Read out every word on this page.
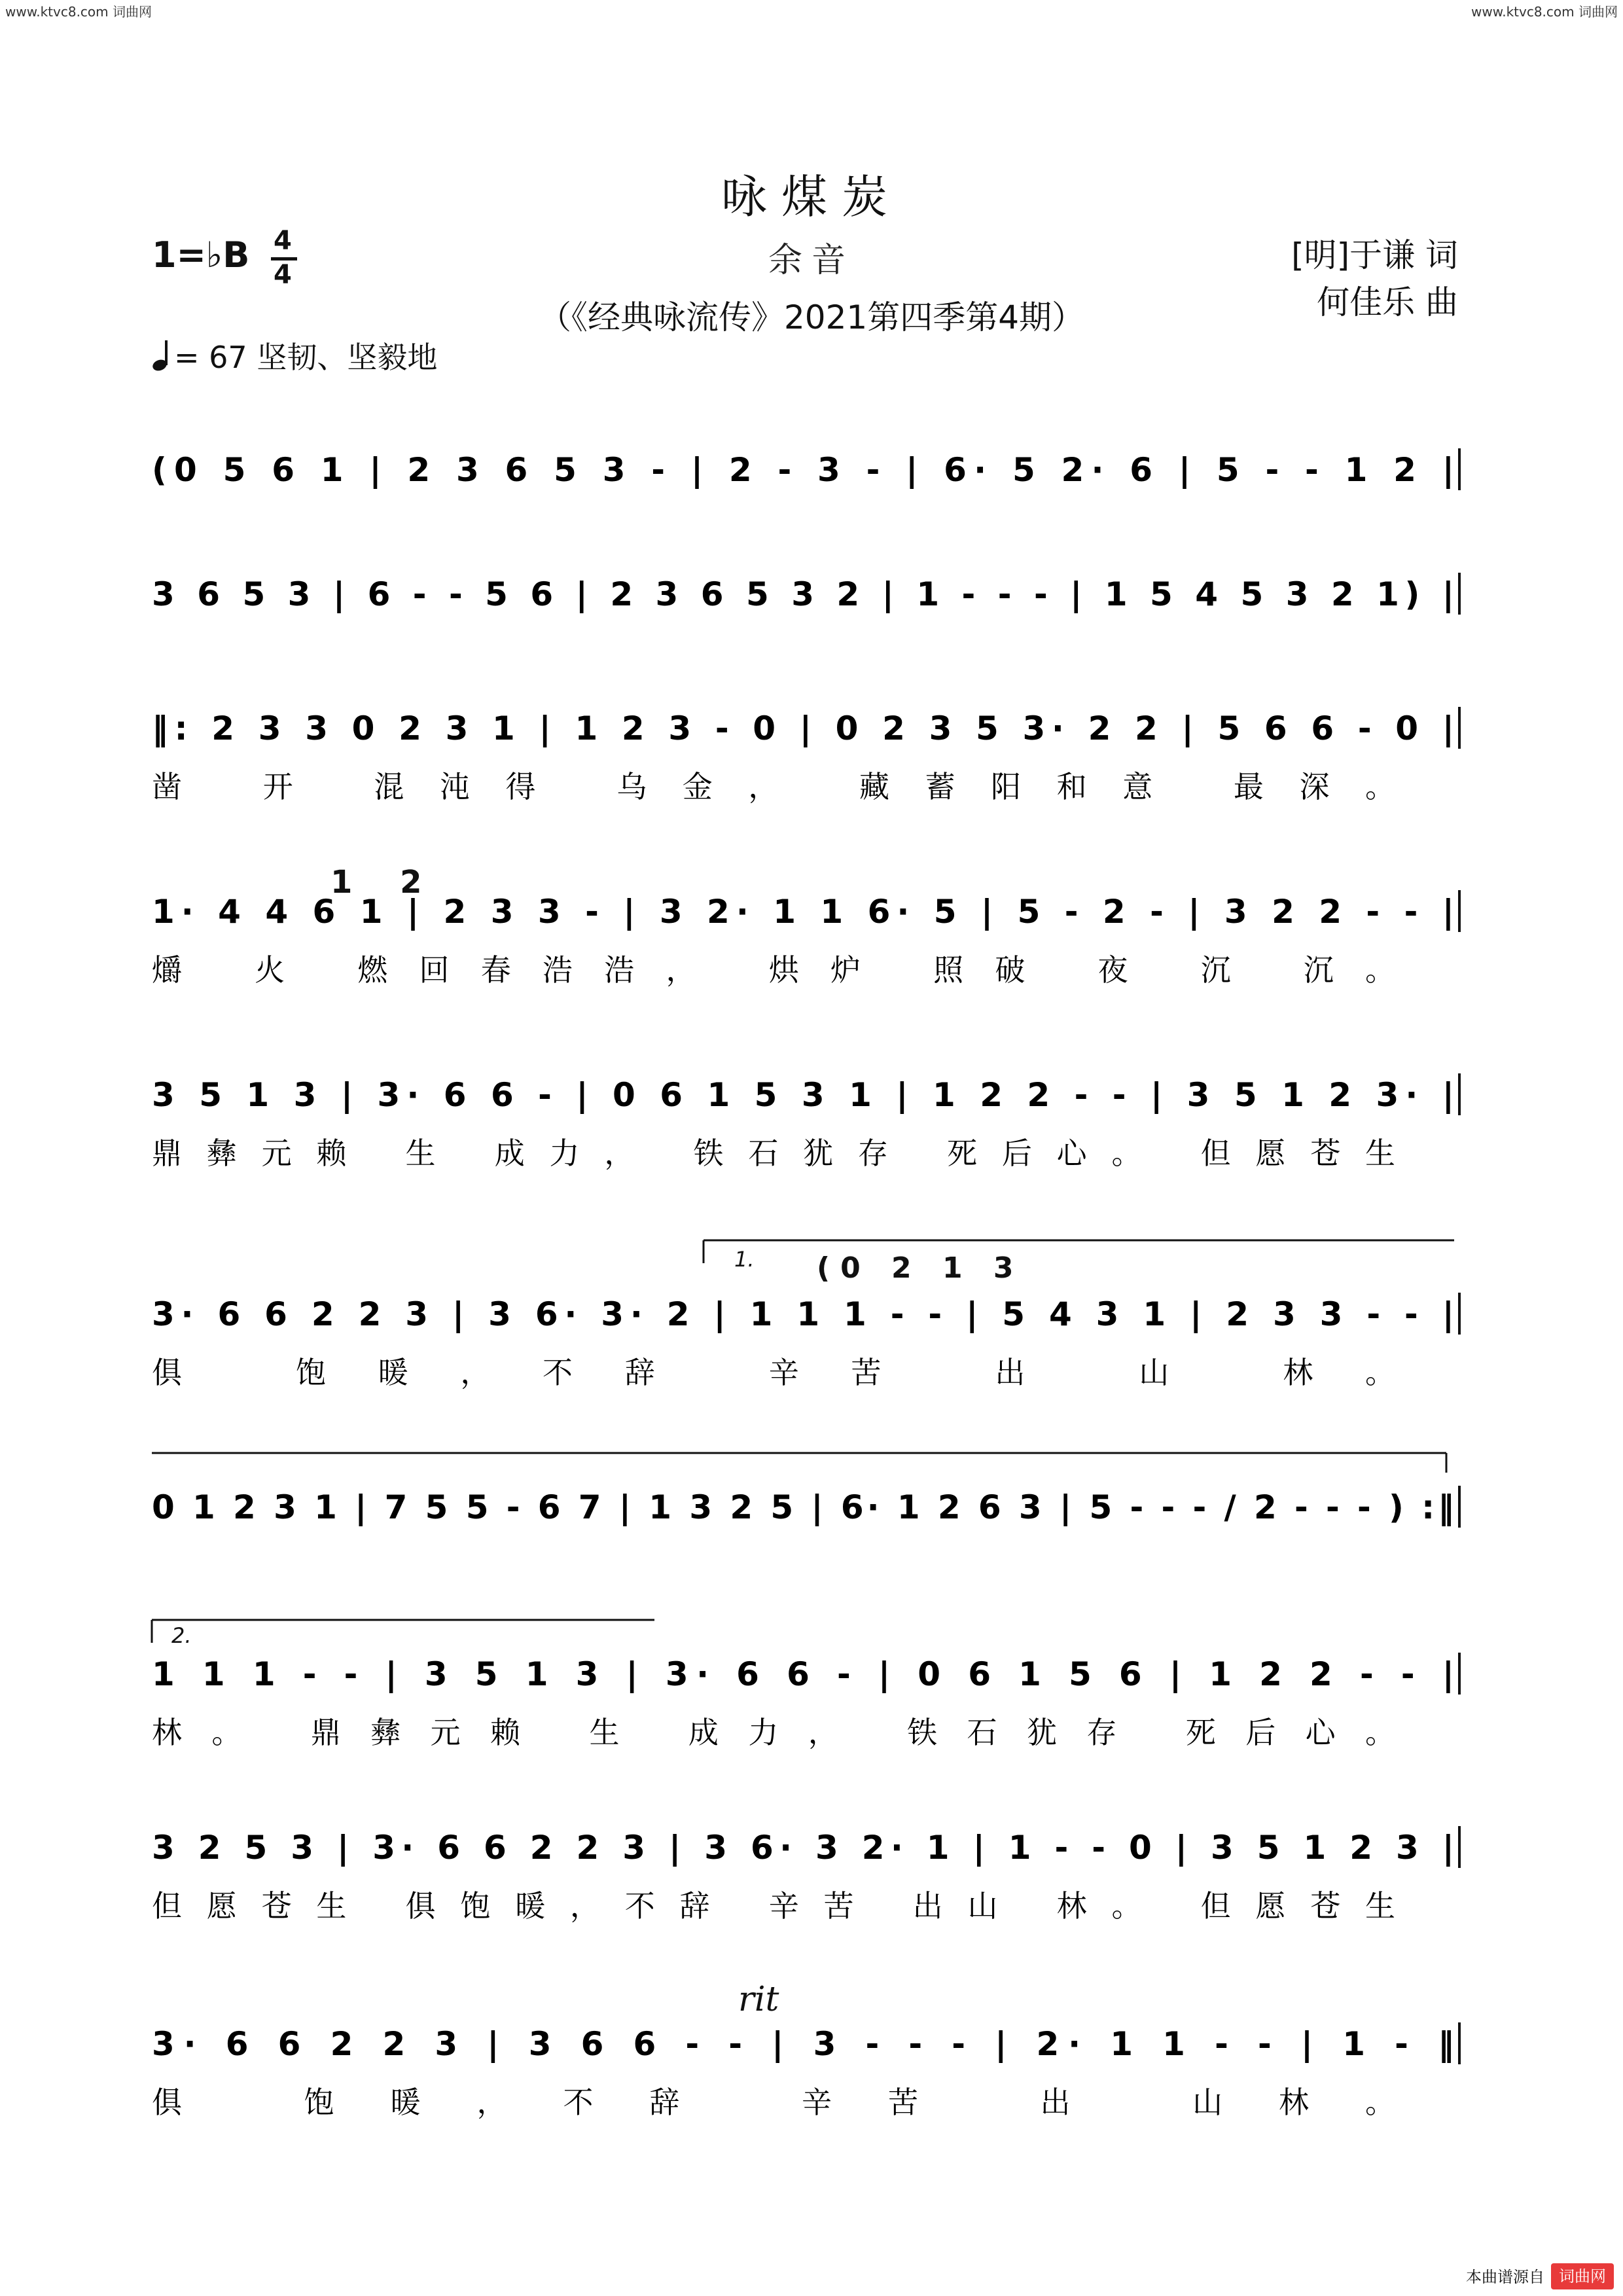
www.ktvc8.com 词曲网	www.ktvc8.com 词曲网
咏煤炭
1=♭B 4
4	余音
（《经典咏流传》2021第四季第4期）
[明]于谦 词
何佳乐 曲
= 67 坚韧、坚毅地
(0 5 6 1 | 2 3 6 5 3 - | 2 - 3 - | 6· 5 2· 6 | 5 - - 1 2 |
3 6 5 3 | 6 - - 5 6 | 2 3 6 5 3 2 | 1 - - - | 1 5 4 5 3 2 1) |
‖: 2 3 3 0 2 3 1 | 1 2 3 - 0 | 0 2 3 5 3· 2 2 | 5 6 6 - 0 |
凿 开 混沌得 乌金， 藏蓄阳和意 最深。
1· 4 4 6 1 | 2 3 3 - | 3 2· 1 1 6· 5 | 5 - 2 - | 3 2 2 - - |
爝 火 燃回春浩浩， 烘炉 照破 夜 沉 沉。
3 5 1 3 | 3· 6 6 - | 0 6 1 5 3 1 | 1 2 2 - - | 3 5 1 2 3· |
鼎彝元赖 生 成力， 铁石犹存 死后心。 但愿苍生
3· 6 6 2 2 3 | 3 6· 3· 2 | 1 1 1 - - | 5 4 3 1 | 2 3 3 - - |
俱 饱暖，不辞 辛苦 出 山 林。
0 1 2 3 1 | 7 5 5 - 6 7 | 1 3 2 5 | 6· 1 2 6 3 | 5 - - - / 2 - - - ) :‖
1 1 1 - - | 3 5 1 3 | 3· 6 6 - | 0 6 1 5 6 | 1 2 2 - - |
林。 鼎彝元赖 生 成力， 铁石犹存 死后心。
3 2 5 3 | 3· 6 6 2 2 3 | 3 6· 3 2· 1 | 1 - - 0 | 3 5 1 2 3 |
但愿苍生 俱饱暖，不辞 辛苦 出山 林。 但愿苍生
3· 6 6 2 2 3 | 3 6 6 - - | 3 - - - | 2· 1 1 - - | 1 - ‖
俱 饱暖，不辞 辛苦 出 山林。
1.
2.
(0 2 1 3
1 2
rit
本曲谱源自 词曲网
